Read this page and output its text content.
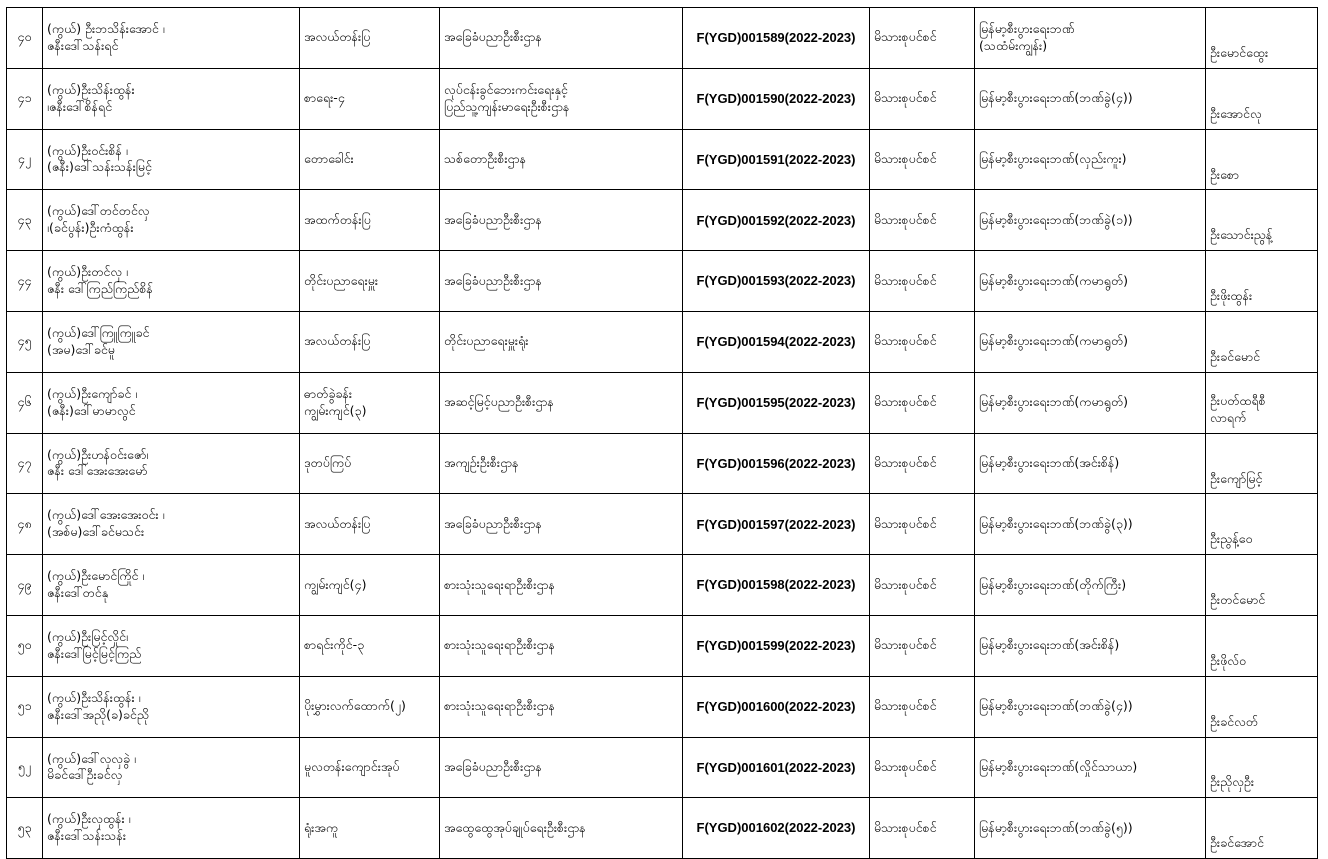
၄၀	(ကွယ်) ဦးဘသိန်းအောင် ၊
ဇနီးဒေါ်သန်းရင်	အလယ်တန်းပြ	အခြေခံပညာဦးစီးဌာန	F(YGD)001589(2022-2023)	မိသားစုပင်စင်	မြန်မာ့စီးပွားရေးဘဏ်
(သထံမ်းကျွန်း)	ဦးမောင်ထွေး

၄၁	(ကွယ်)ဦးသိန်းထွန်း
၊ဇနီးဒေါ်စိန်ရင်	စာရေး-၄	လုပ်ငန်းခွင်ဘေးကင်းရေးနှင့်
ပြည်သူ့ကျန်းမာရေးဦးစီးဌာန	F(YGD)001590(2022-2023)	မိသားစုပင်စင်	မြန်မာ့စီးပွားရေးဘဏ်(ဘဏ်ခွဲ(၄))	ဦးအောင်လု

၄၂	(ကွယ်)ဦးဝင်းစိန် ၊
(ဇနီး)ဒေါ်သန်းသန်းမြင့်	တောခေါင်း	သစ်တောဦးစီးဌာန	F(YGD)001591(2022-2023)	မိသားစုပင်စင်	မြန်မာ့စီးပွားရေးဘဏ်(လှည်းကူး)	ဦးစော

၄၃	(ကွယ်)ဒေါ်တင်တင်လှ
၊(ခင်ပွန်း)ဦးကံထွန်း	အထက်တန်းပြ	အခြေခံပညာဦးစီးဌာန	F(YGD)001592(2022-2023)	မိသားစုပင်စင်	မြန်မာ့စီးပွားရေးဘဏ်(ဘဏ်ခွဲ(၁))	ဦးသောင်းညွန့်

၄၄	(ကွယ်)ဦးတင်လှ ၊
ဇနီး ဒေါ်ကြည်ကြည်စိန်	တိုင်းပညာရေးမှူး	အခြေခံပညာဦးစီးဌာန	F(YGD)001593(2022-2023)	မိသားစုပင်စင်	မြန်မာ့စီးပွားရေးဘဏ်(ကမာရွတ်)	ဦးဖိုးထွန်း

၄၅	(ကွယ်)ဒေါ်ကြူကြူခင်
(အမ)ဒေါ်ခင်မူ	အလယ်တန်းပြ	တိုင်းပညာရေးမှူးရုံး	F(YGD)001594(2022-2023)	မိသားစုပင်စင်	မြန်မာ့စီးပွားရေးဘဏ်(ကမာရွတ်)	ဦးခင်မောင်

၄၆	(ကွယ်)ဦးကျော်ခင် ၊
(ဇနီး)ဒေါ်မာမာလွင်	ဓာတ်ခွဲခန်း
ကျွမ်းကျင်(၃)	အဆင့်မြင့်ပညာဦးစီးဌာန	F(YGD)001595(2022-2023)	မိသားစုပင်စင်	မြန်မာ့စီးပွားရေးဘဏ်(ကမာရွတ်)	ဦးပတ်ထရီစီ
လာရက်

၄၇	(ကွယ်)ဦးဟန်ဝင်းဇော်၊
ဇနီး ဒေါ်အေးအေးမော်	ဒုတပ်ကြပ်	အကျဉ်းဦးစီးဌာန	F(YGD)001596(2022-2023)	မိသားစုပင်စင်	မြန်မာ့စီးပွားရေးဘဏ်(အင်းစိန်)	ဦးကျော်မြင့်

၄၈	(ကွယ်)ဒေါ်အေးအေးဝင်း ၊
(အစ်မ)ဒေါ်ခင်မသင်း	အလယ်တန်းပြ	အခြေခံပညာဦးစီးဌာန	F(YGD)001597(2022-2023)	မိသားစုပင်စင်	မြန်မာ့စီးပွားရေးဘဏ်(ဘဏ်ခွဲ(၃))	ဦးညွန့်ဝေ

၄၉	(ကွယ်)ဦးမောင်ကြိုင် ၊
ဇနီးဒေါ်တင်နု	ကျွမ်းကျင်(၄)	စားသုံးသူရေးရာဦးစီးဌာန	F(YGD)001598(2022-2023)	မိသားစုပင်စင်	မြန်မာ့စီးပွားရေးဘဏ်(တိုက်ကြီး)	ဦးတင်မောင်

၅၀	(ကွယ်)ဦးမြင့်လှိုင်၊
ဇနီးဒေါ်မြင့်မြင့်ကြည်	စာရင်းကိုင်-၃	စားသုံးသူရေးရာဦးစီးဌာန	F(YGD)001599(2022-2023)	မိသားစုပင်စင်	မြန်မာ့စီးပွားရေးဘဏ်(အင်းစိန်)	ဦးဖိုလ်ဝ

၅၁	(ကွယ်)ဦးသိန်းထွန်း ၊
ဇနီးဒေါ်အညို(ခ)ခင်ညို	ပိုးမွှားလက်ထောက်(၂)	စားသုံးသူရေးရာဦးစီးဌာန	F(YGD)001600(2022-2023)	မိသားစုပင်စင်	မြန်မာ့စီးပွားရေးဘဏ်(ဘဏ်ခွဲ(၄))	ဦးခင်လတ်

၅၂	(ကွယ်)ဒေါ်လှလှခွဲ ၊
မိခင်ဒေါ်ဦးခင်လှ	မူလတန်းကျောင်းအုပ်	အခြေခံပညာဦးစီးဌာန	F(YGD)001601(2022-2023)	မိသားစုပင်စင်	မြန်မာ့စီးပွားရေးဘဏ်(လှိုင်သာယာ)	ဦးညိုလှဦး

၅၃	(ကွယ်)ဦးလှထွန်း ၊
ဇနီးဒေါ်သန်းသန်း	ရုံးအကူ	အထွေထွေအုပ်ချုပ်ရေးဦးစီးဌာန	F(YGD)001602(2022-2023)	မိသားစုပင်စင်	မြန်မာ့စီးပွားရေးဘဏ်(ဘဏ်ခွဲ(၅))	ဦးခင်အောင်
